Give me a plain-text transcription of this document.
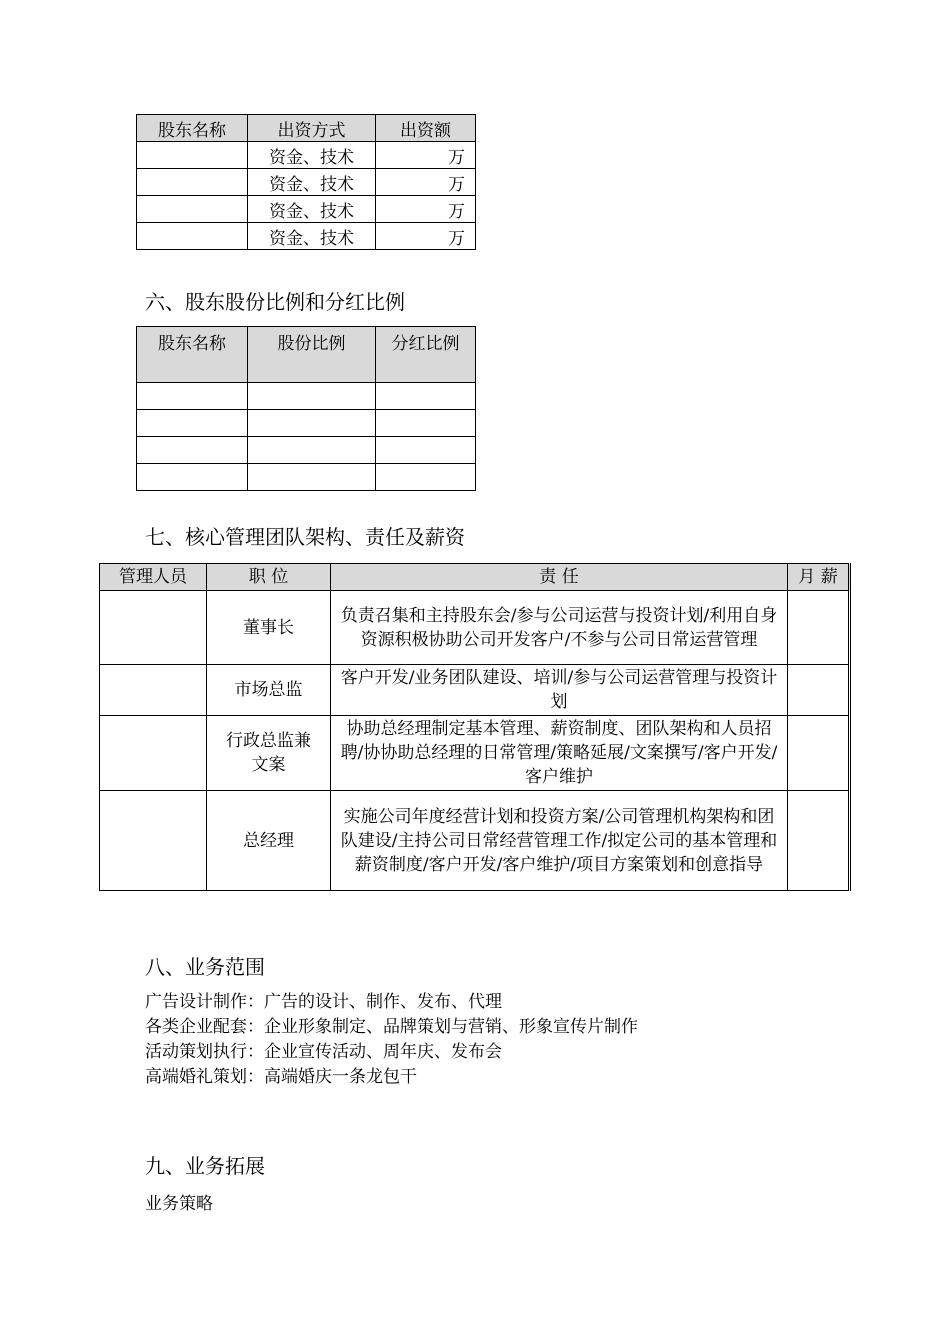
股东名称	出资方式	出资额
	资金、技术	万
	资金、技术	万
	资金、技术	万
	资金、技术	万
六、股东股份比例和分红比例
股东名称	股份比例	分红比例

七、核心管理团队架构、责任及薪资
管理人员	职 位	责 任	月 薪
	董事长	负责召集和主持股东会/参与公司运营与投资计划/利用自身资源积极协助公司开发客户/不参与公司日常运营管理	
	市场总监	客户开发/业务团队建设、培训/参与公司运营管理与投资计划	
	行政总监兼文案	协助总经理制定基本管理、薪资制度、团队架构和人员招聘/协协助总经理的日常管理/策略延展/文案撰写/客户开发/客户维护	
	总经理	实施公司年度经营计划和投资方案/公司管理机构架构和团队建设/主持公司日常经营管理工作/拟定公司的基本管理和薪资制度/客户开发/客户维护/项目方案策划和创意指导	
八、业务范围
广告设计制作：广告的设计、制作、发布、代理
各类企业配套：企业形象制定、品牌策划与营销、形象宣传片制作
活动策划执行：企业宣传活动、周年庆、发布会
高端婚礼策划：高端婚庆一条龙包干
九、业务拓展

业务策略
